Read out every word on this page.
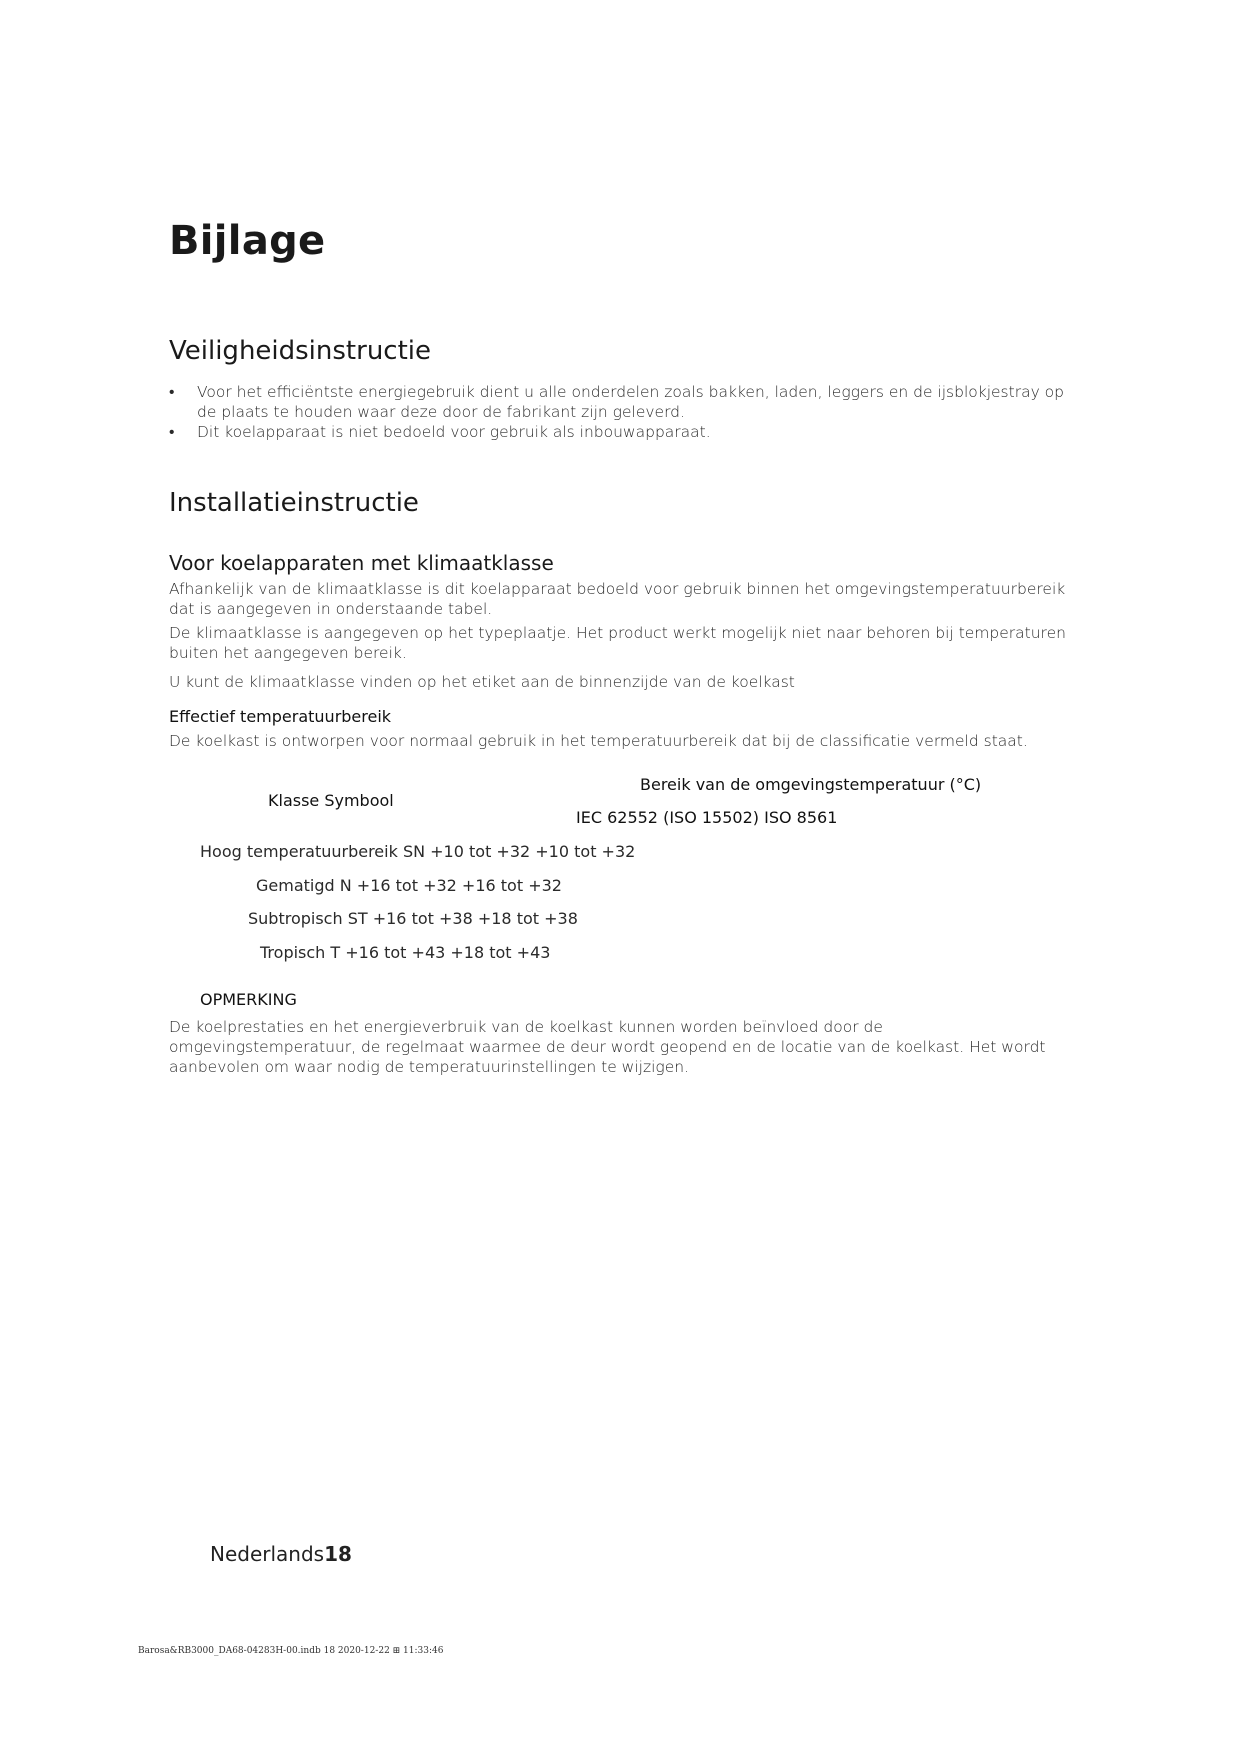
Bijlage
Veiligheidsinstructie
• Voor het efficiëntste energiegebruik dient u alle onderdelen zoals bakken, laden, leggers en de ijsblokjestray op de plaats te houden waar deze door de fabrikant zijn geleverd.
• Dit koelapparaat is niet bedoeld voor gebruik als inbouwapparaat.
Installatieinstructie
Voor koelapparaten met klimaatklasse

Afhankelijk van de klimaatklasse is dit koelapparaat bedoeld voor gebruik binnen het omgevingstemperatuurbereik dat is aangegeven in onderstaande tabel.

De klimaatklasse is aangegeven op het typeplaatje. Het product werkt mogelijk niet naar behoren bij temperaturen buiten het aangegeven bereik.

U kunt de klimaatklasse vinden op het etiket aan de binnenzijde van de koelkast

Effectief temperatuurbereik

De koelkast is ontworpen voor normaal gebruik in het temperatuurbereik dat bij de classificatie vermeld staat.

Klasse Symbool
Bereik van de omgevingstemperatuur (°C)
IEC 62552 (ISO 15502) ISO 8561
Hoog temperatuurbereik SN +10 tot +32 +10 tot +32
Gematigd N +16 tot +32 +16 tot +32
Subtropisch ST +16 tot +38 +18 tot +38
Tropisch T +16 tot +43 +18 tot +43
OPMERKING

De koelprestaties en het energieverbruik van de koelkast kunnen worden beïnvloed door de omgevingstemperatuur, de regelmaat waarmee de deur wordt geopend en de locatie van de koelkast. Het wordt aanbevolen om waar nodig de temperatuurinstellingen te wijzigen.

Nederlands18
Barosa&RB3000_DA68-04283H-00.indb 18 2020-12-22 ⊞ 11:33:46
